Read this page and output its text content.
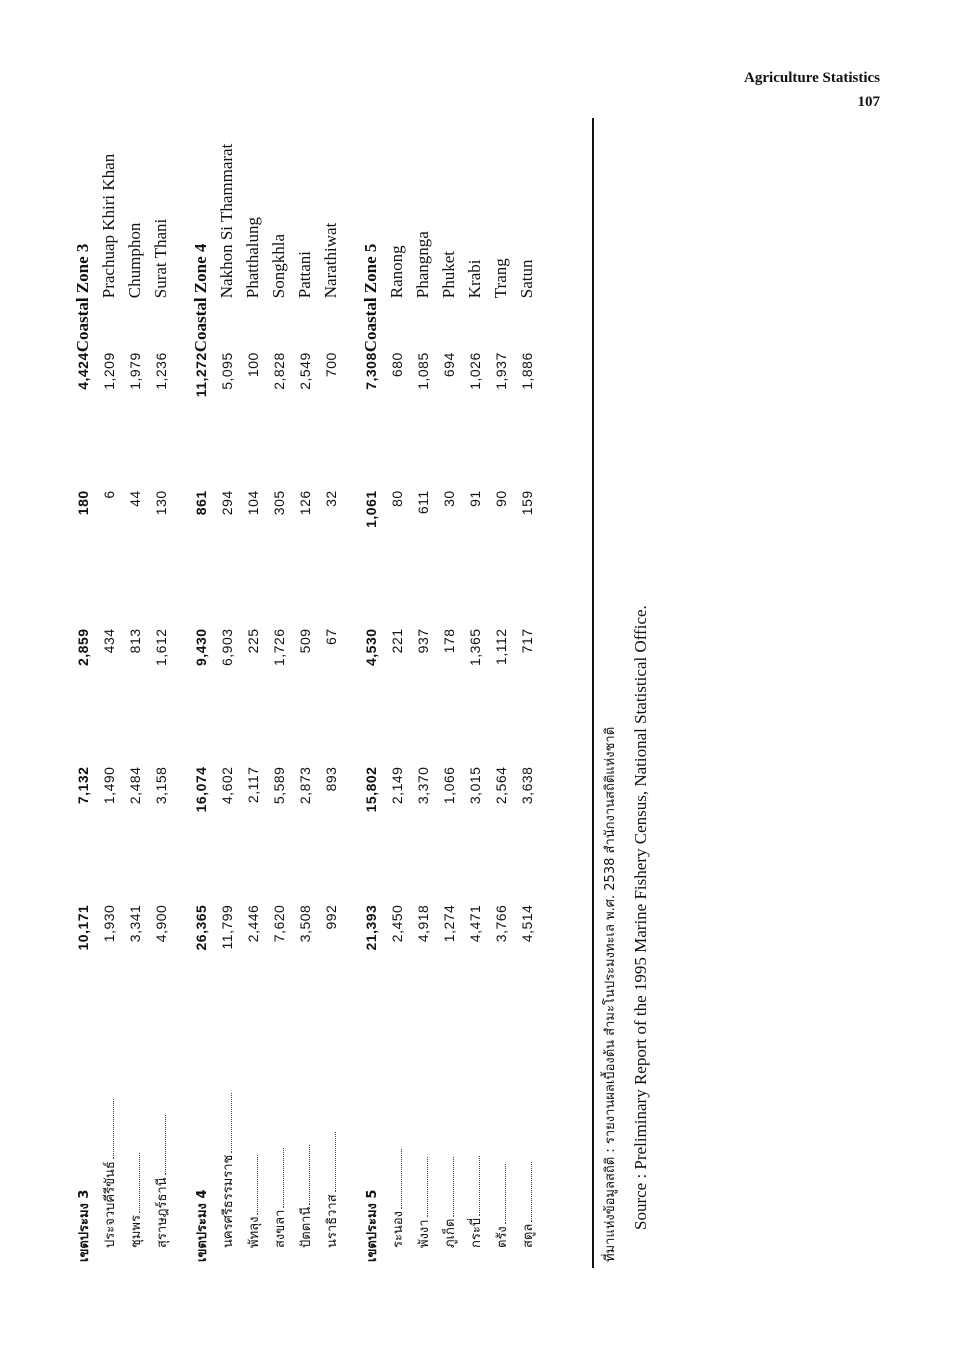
Agriculture Statistics
107
เขตประมง 3	10,171	7,132	2,859	180	4,424	Coastal Zone 3
ประจวบคีรีขันธ์	1,930	1,490	434	6	1,209	Prachuap Khiri Khan
ชุมพร	3,341	2,484	813	44	1,979	Chumphon
สุราษฎร์ธานี	4,900	3,158	1,612	130	1,236	Surat Thani

เขตประมง 4	26,365	16,074	9,430	861	11,272	Coastal Zone 4
นครศรีธรรมราช	11,799	4,602	6,903	294	5,095	Nakhon Si Thammarat
พัทลุง	2,446	2,117	225	104	100	Phatthalung
สงขลา	7,620	5,589	1,726	305	2,828	Songkhla
ปัตตานี	3,508	2,873	509	126	2,549	Pattani
นราธิวาส	992	893	67	32	700	Narathiwat

เขตประมง 5	21,393	15,802	4,530	1,061	7,308	Coastal Zone 5
ระนอง	2,450	2,149	221	80	680	Ranong
พังงา	4,918	3,370	937	611	1,085	Phangnga
ภูเก็ต	1,274	1,066	178	30	694	Phuket
กระบี่	4,471	3,015	1,365	91	1,026	Krabi
ตรัง	3,766	2,564	1,112	90	1,937	Trang
สตูล	4,514	3,638	717	159	1,886	Satun
ที่มาแห่งข้อมูลสถิติ : รายงานผลเบื้องต้น สำมะโนประมงทะเล พ.ศ. 2538 สำนักงานสถิติแห่งชาติ Source : Preliminary Report of the 1995 Marine Fishery Census, National Statistical Office.
